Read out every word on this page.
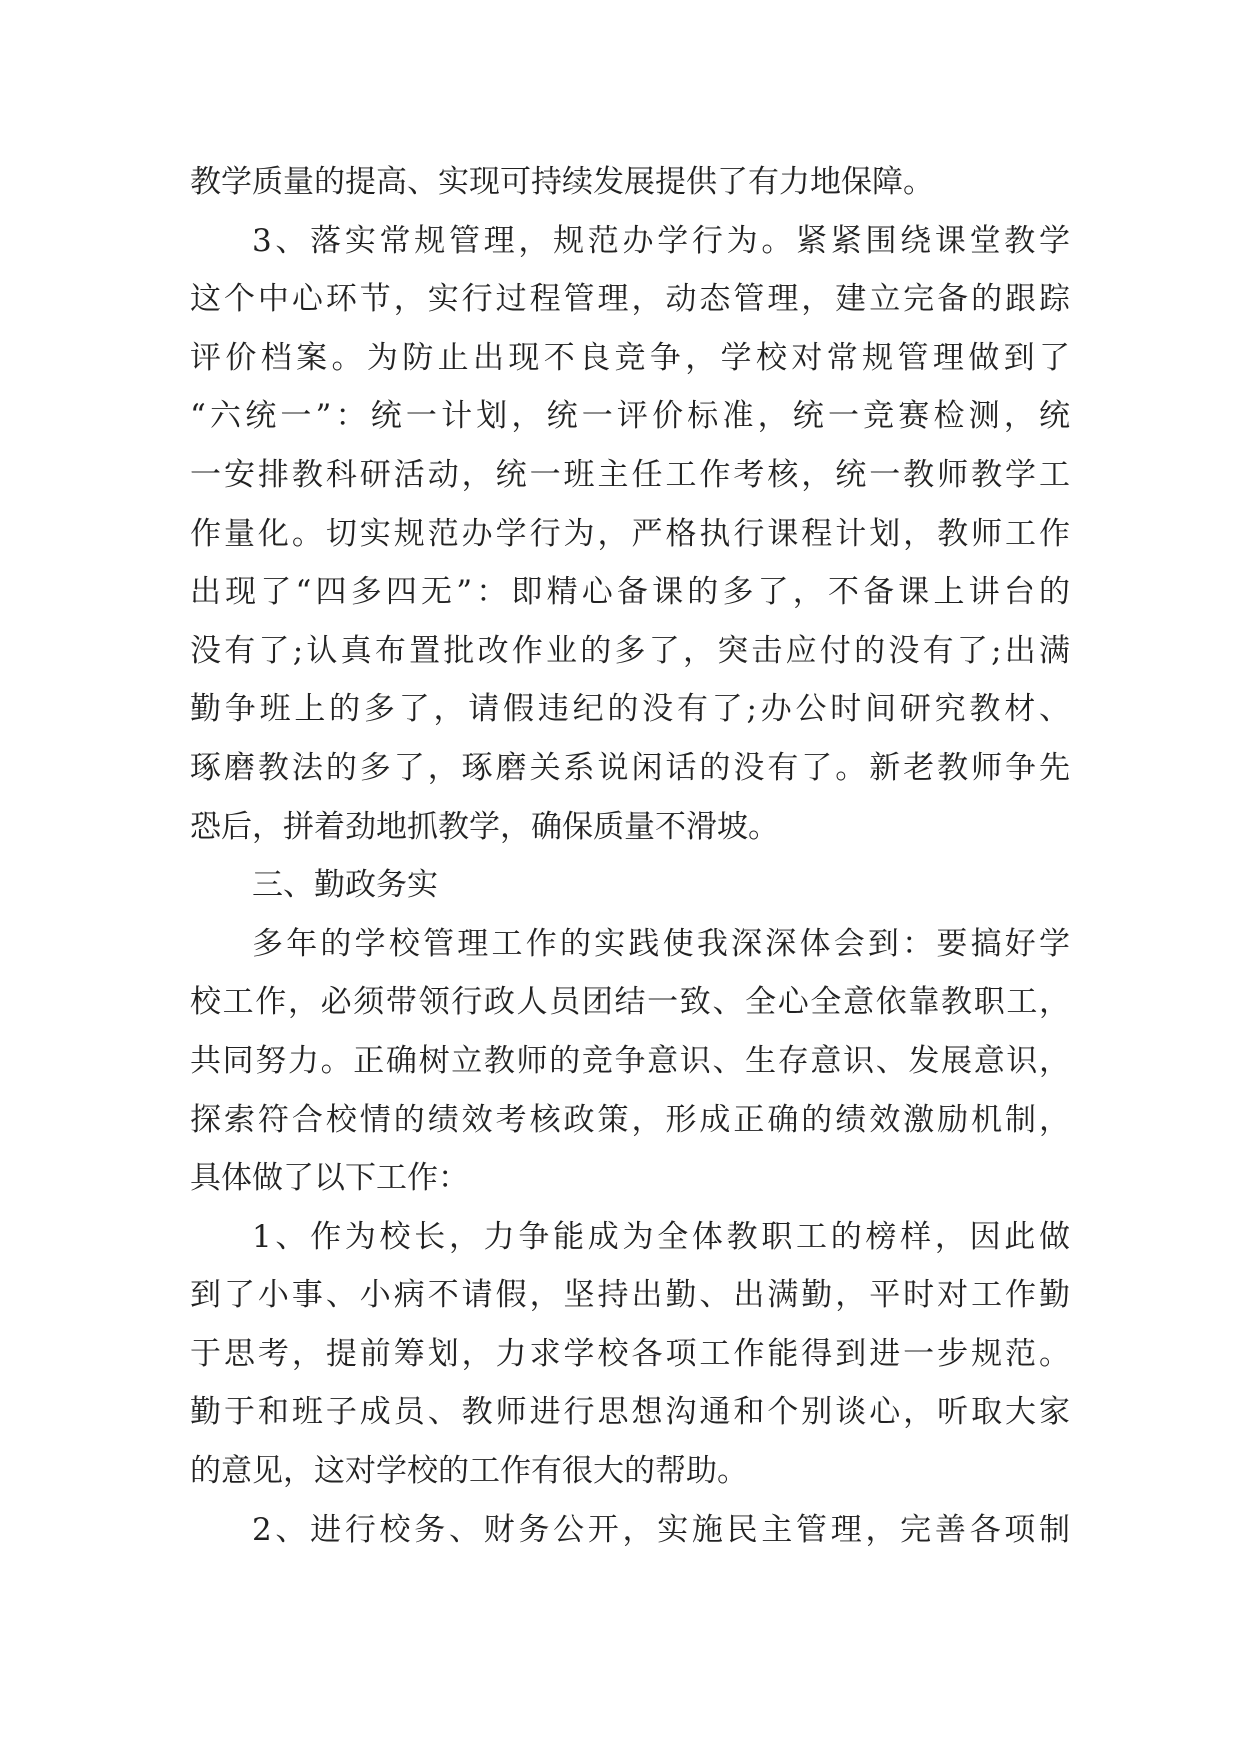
教学质量的提高、实现可持续发展提供了有力地保障。
3、落实常规管理，规范办学行为。紧紧围绕课堂教学
这个中心环节，实行过程管理，动态管理，建立完备的跟踪
评价档案。为防止出现不良竞争，学校对常规管理做到了
“六统一”：统一计划，统一评价标准，统一竞赛检测，统
一安排教科研活动，统一班主任工作考核，统一教师教学工
作量化。切实规范办学行为，严格执行课程计划，教师工作
出现了“四多四无”：即精心备课的多了，不备课上讲台的
没有了;认真布置批改作业的多了，突击应付的没有了;出满
勤争班上的多了，请假违纪的没有了;办公时间研究教材、
琢磨教法的多了，琢磨关系说闲话的没有了。新老教师争先
恐后，拼着劲地抓教学，确保质量不滑坡。
三、勤政务实
多年的学校管理工作的实践使我深深体会到：要搞好学
校工作，必须带领行政人员团结一致、全心全意依靠教职工，
共同努力。正确树立教师的竞争意识、生存意识、发展意识，
探索符合校情的绩效考核政策，形成正确的绩效激励机制，
具体做了以下工作：
1、作为校长，力争能成为全体教职工的榜样，因此做
到了小事、小病不请假，坚持出勤、出满勤，平时对工作勤
于思考，提前筹划，力求学校各项工作能得到进一步规范。
勤于和班子成员、教师进行思想沟通和个别谈心，听取大家
的意见，这对学校的工作有很大的帮助。
2、进行校务、财务公开，实施民主管理，完善各项制
